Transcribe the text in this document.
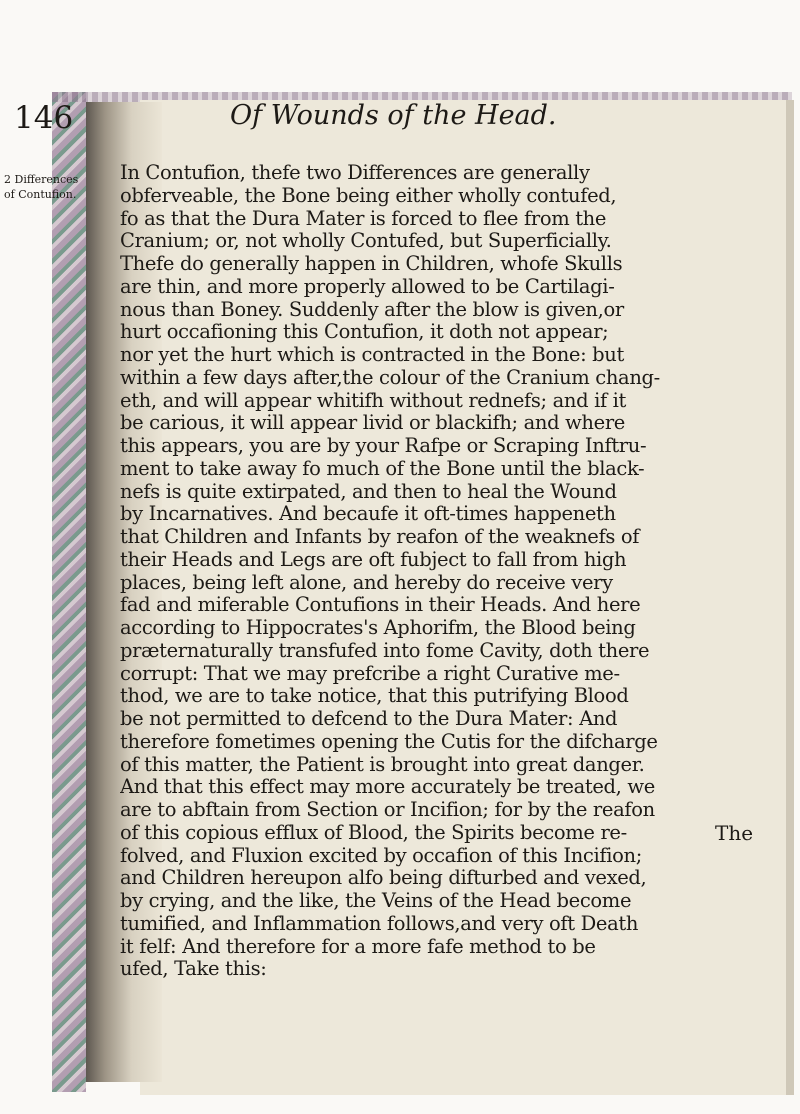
146	Of Wounds of the Head.
2 Differences
of Contufion.
In Contufion, thefe two Differences are generally
obferveable, the Bone being either wholly contufed,
fo as that the Dura Mater is forced to flee from the
Cranium; or, not wholly Contufed, but Superficially.
Thefe do generally happen in Children, whofe Skulls
are thin, and more properly allowed to be Cartilagi-
nous than Boney. Suddenly after the blow is given,or
hurt occafioning this Contufion, it doth not appear;
nor yet the hurt which is contracted in the Bone: but
within a few days after,the colour of the Cranium chang-
eth, and will appear whitifh without rednefs; and if it
be carious, it will appear livid or blackifh; and where
this appears, you are by your Rafpe or Scraping Inftru-
ment to take away fo much of the Bone until the black-
nefs is quite extirpated, and then to heal the Wound
by Incarnatives. And becaufe it oft-times happeneth
that Children and Infants by reafon of the weaknefs of
their Heads and Legs are oft fubject to fall from high
places, being left alone, and hereby do receive very
fad and miferable Contufions in their Heads. And here
according to Hippocrates's Aphorifm, the Blood being
præternaturally transfufed into fome Cavity, doth there
corrupt: That we may prefcribe a right Curative me-
thod, we are to take notice, that this putrifying Blood
be not permitted to defcend to the Dura Mater: And
therefore fometimes opening the Cutis for the difcharge
of this matter, the Patient is brought into great danger.
And that this effect may more accurately be treated, we
are to abftain from Section or Incifion; for by the reafon
of this copious efflux of Blood, the Spirits become re-
folved, and Fluxion excited by occafion of this Incifion;
and Children hereupon alfo being difturbed and vexed,
by crying, and the like, the Veins of the Head become
tumified, and Inflammation follows,and very oft Death
it felf: And therefore for a more fafe method to be
ufed, Take this:
The
